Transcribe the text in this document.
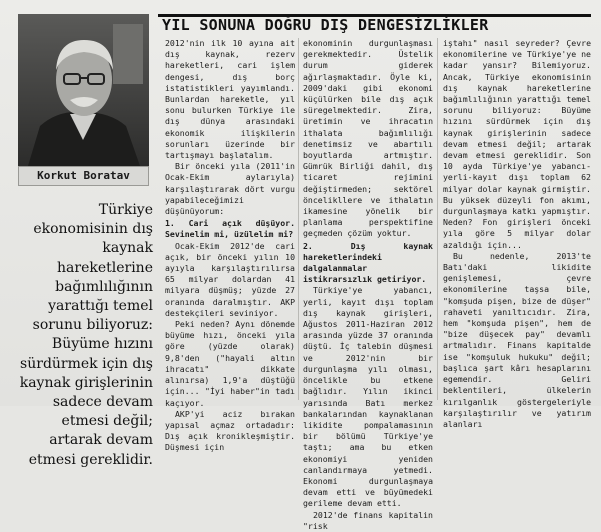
YIL SONUNA DOĞRU DIŞ DENGESİZLİKLER
Korkut Boratav
Türkiye ekonomisinin dış kaynak hareketlerine bağımlılığının yarattığı temel sorunu biliyoruz: Büyüme hızını sürdürmek için dış kaynak girişlerinin sadece devam etmesi değil; artarak devam etmesi gereklidir.

2012'nin ilk 10 ayına ait dış kaynak, rezerv hareketleri, cari işlem dengesi, dış borç istatistikleri yayımlandı. Bunlardan hareketle, yıl sonu bulurken Türkiye ile dış dünya arasındaki ekonomik ilişkilerin sorunları üzerinde bir tartışmayı başlatalım.

Bir önceki yıla (2011'in Ocak-Ekim aylarıyla) karşılaştırarak dört vurgu yapabileceğimizi düşünüyorum:

1. Cari açık düşüyor. Sevinelim mi, üzülelim mi?

Ocak-Ekim 2012'de cari açık, bir önceki yılın 10 ayıyla karşılaştırılırsa 65 milyar dolardan 41 milyara düşmüş; yüzde 27 oranında daralmıştır. AKP destekçileri seviniyor.

Peki neden? Aynı dönemde büyüme hızı, önceki yıla göre (yüzde olarak) 9,8'den ("hayali altın ihracatı" dikkate alınırsa) 1,9'a düştüğü için... "İyi haber"in tadı kaçıyor.

AKP'yi aciz bırakan yapısal açmaz ortadadır: Dış açık kronikleşmiştir. Düşmesi için

ekonominin durgunlaşması gerekmektedir. Üstelik durum giderek ağırlaşmaktadır. Öyle ki, 2009'daki gibi ekonomi küçülürken bile dış açık süregelmektedir. Zira, üretimin ve ihracatın ithalata bağımlılığı denetimsiz ve abartılı boyutlarda artmıştır. Gümrük Birliği dahil, dış ticaret rejimini değiştirmeden; sektörel öncelikllere ve ithalatın ikamesine yönelik bir planlama perspektifine geçmeden çözüm yoktur.

2. Dış kaynak hareketlerindeki dalgalanmalar istikrarsızlık getiriyor.

Türkiye'ye yabancı, yerli, kayıt dışı toplam dış kaynak girişleri, Ağustos 2011-Haziran 2012 arasında yüzde 37 oranında düştü. İç talebin düşmesi ve 2012'nin bir durgunlaşma yılı olması, öncelikle bu etkene bağlıdır. Yılın ikinci yarısında Batı merkez bankalarından kaynaklanan likidite pompalamasının bir bölümü Türkiye'ye taştı; ama bu etken ekonomiyi yeniden canlandırmaya yetmedi. Ekonomi durgunlaşmaya devam etti ve büyümedeki gerileme devam etti.

2012'de finans kapitalin "risk

iştahı" nasıl seyreder? Çevre ekonomilerine ve Türkiye'ye ne kadar yansır? Bilemiyoruz. Ancak, Türkiye ekonomisinin dış kaynak hareketlerine bağımlılığının yarattığı temel sorunu biliyoruz: Büyüme hızını sürdürmek için dış kaynak girişlerinin sadece devam etmesi değil; artarak devam etmesi gereklidir. Son 10 ayda Türkiye'ye yabancı-yerli-kayıt dışı toplam 62 milyar dolar kaynak girmiştir. Bu yüksek düzeyli fon akımı, durgunlaşmaya katkı yapmıştır. Neden? Fon girişleri önceki yıla göre 5 milyar dolar azaldığı için...

Bu nedenle, 2013'te Batı'daki likidite genişlemesi, çevre ekonomilerine taşsa bile, "komşuda pişen, bize de düşer" rahaveti yanıltıcıdır. Zira, hem "komşuda pişen", hem de "bize düşecek pay" devamlı artmalıdır. Finans kapitalde ise "komşuluk hukuku" değil; başlıca şart kârı hesaplarını egemendir. Geliri beklentileri, ülkelerin kırılganlık göstergeleriyle karşılaştırılır ve yatırım alanları
